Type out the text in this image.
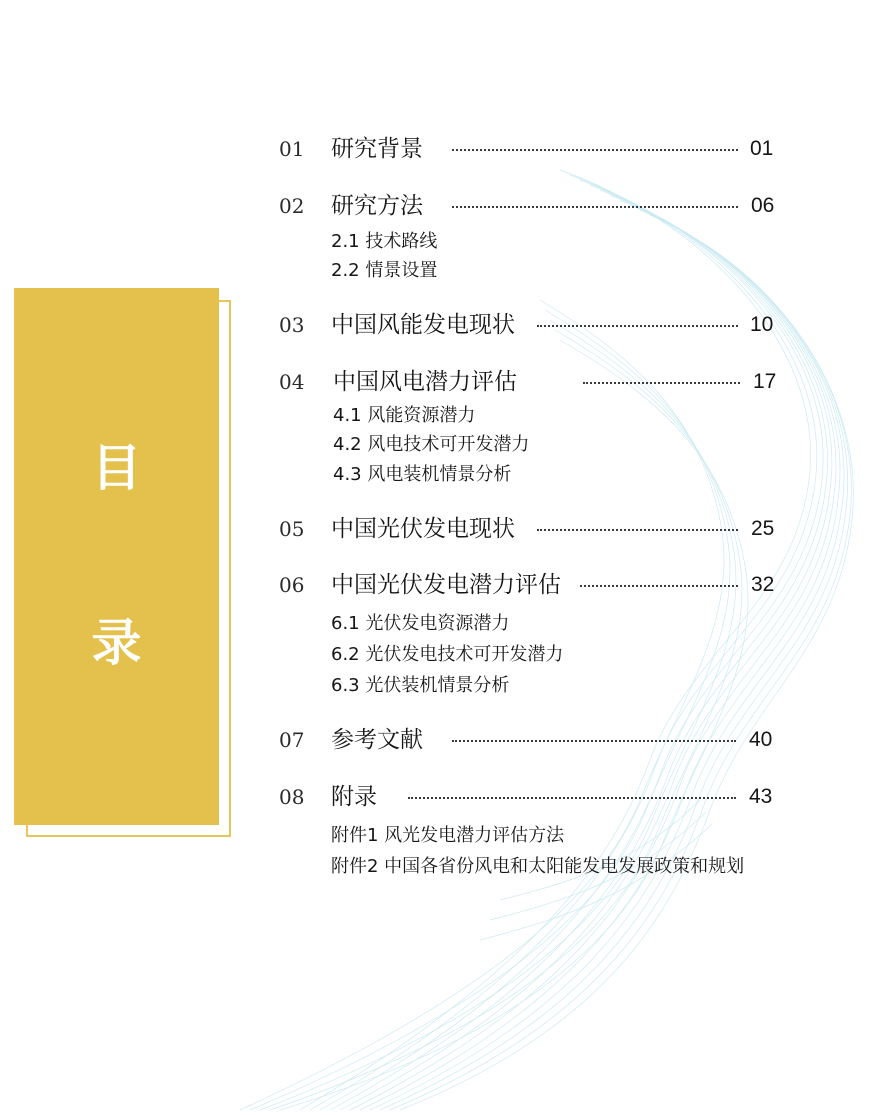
目
录
01	研究背景	01
02	研究方法	06
2.1 技术路线
2.2 情景设置
03	中国风能发电现状	10
04	中国风电潜力评估	17
4.1 风能资源潜力
4.2 风电技术可开发潜力
4.3 风电装机情景分析
05	中国光伏发电现状	25
06	中国光伏发电潜力评估	32
6.1 光伏发电资源潜力
6.2 光伏发电技术可开发潜力
6.3 光伏装机情景分析
07	参考文献	40
08	附录	43
附件1 风光发电潜力评估方法
附件2 中国各省份风电和太阳能发电发展政策和规划
